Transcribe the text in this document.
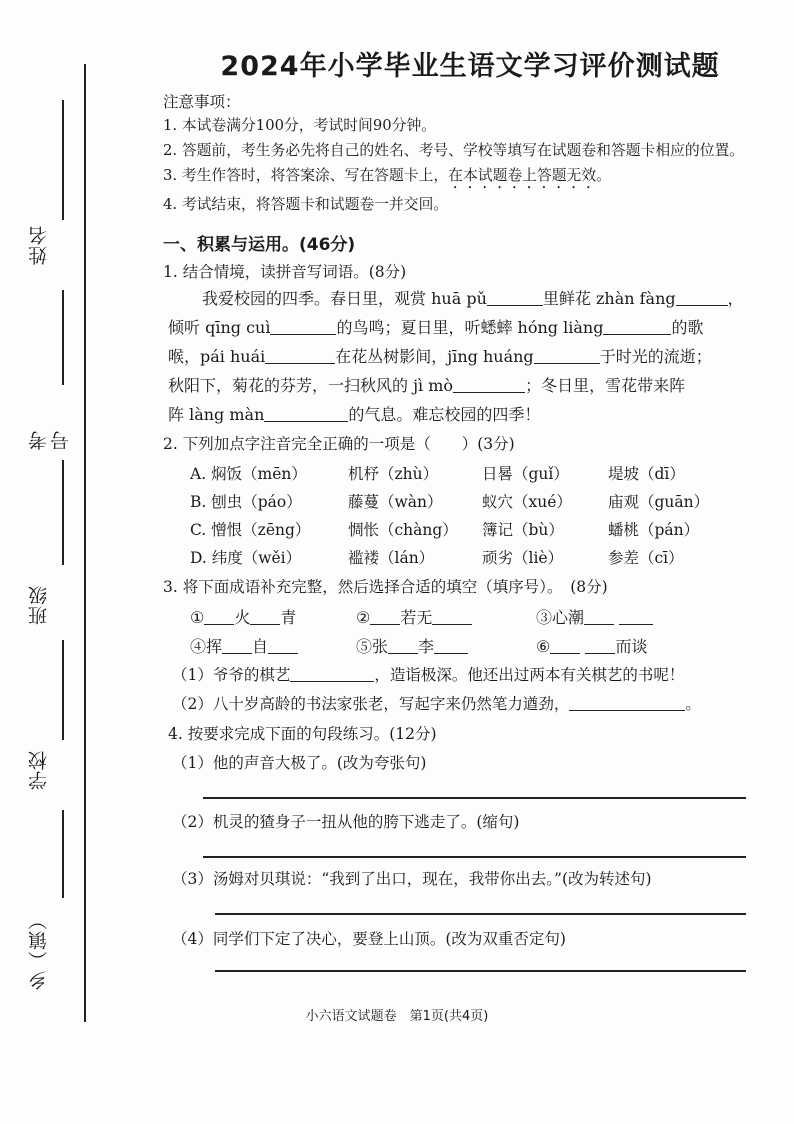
姓名
考号
班级
学校
乡（镇）
2024年小学毕业生语文学习评价测试题
注意事项：
1. 本试卷满分100分，考试时间90分钟。
2. 答题前，考生务必先将自己的姓名、考号、学校等填写在试题卷和答题卡相应的位置。
3. 考生作答时，将答案涂、写在答题卡上，在本试题卷上答题无效。
4. 考试结束，将答题卡和试题卷一并交回。
一、积累与运用。(46分)
1. 结合情境，读拼音写词语。(8分)
我爱校园的四季。春日里，观赏 huā pǔ	里鲜花 zhàn fàng	，
倾听 qīng cuì	的鸟鸣；夏日里，听蟋蟀 hóng liàng	的歌
喉，pái huái	在花丛树影间，jīng huáng	于时光的流逝；
秋阳下，菊花的芬芳，一扫秋风的 jì mò	；冬日里，雪花带来阵
阵 làng màn	的气息。难忘校园的四季！
2. 下列加点字注音完全正确的一项是（　　）(3分)
A. 焖饭（mēn）	机杼（zhù）	日晷（guǐ）	堤坡（dī）
B. 刨虫（páo）	藤蔓（wàn）	蚁穴（xué） 庙观（guān）
C. 憎恨（zēng） 惆怅（chàng） 簿记（bù）	蟠桃（pán）
D. 纬度（wěi）	褴褛（lán）	顽劣（liè）	参差（cī）
3. 将下面成语补充完整，然后选择合适的填空（填序号）。　(8分)
① 火 青	② 若无	③心潮
④挥 自	⑤张 李	⑥	而谈
（1）爷爷的棋艺	，造诣极深。他还出过两本有关棋艺的书呢！
（2）八十岁高龄的书法家张老，写起字来仍然笔力遒劲，	。
4. 按要求完成下面的句段练习。(12分)
（1）他的声音大极了。(改为夸张句)
（2）机灵的猹身子一扭从他的胯下逃走了。(缩句)
（3）汤姆对贝琪说：“我到了出口，现在，我带你出去。”(改为转述句)
（4）同学们下定了决心，要登上山顶。(改为双重否定句)
小六语文试题卷　第1页(共4页)
